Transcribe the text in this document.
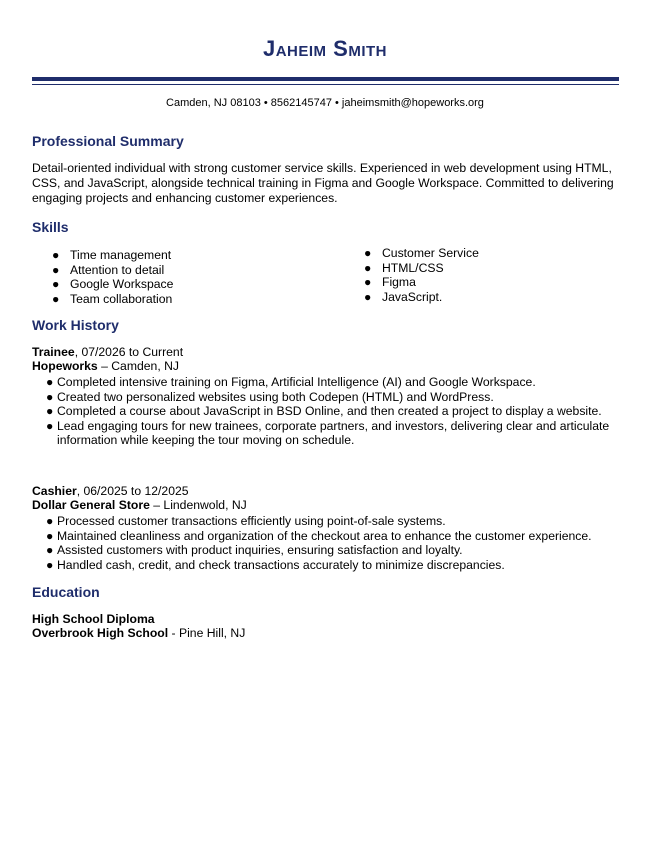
Jaheim Smith
Camden, NJ 08103 • 8562145747 • jaheimsmith@hopeworks.org
Professional Summary

Detail-oriented individual with strong customer service skills. Experienced in web development using HTML, CSS, and JavaScript, alongside technical training in Figma and Google Workspace. Committed to delivering engaging projects and enhancing customer experiences.

Skills
● Time management
● Attention to detail
● Google Workspace
● Team collaboration
● Customer Service
● HTML/CSS
● Figma
● JavaScript.
Work History
Trainee, 07/2026 to Current
Hopeworks – Camden, NJ
● Completed intensive training on Figma, Artificial Intelligence (AI) and Google Workspace.
● Created two personalized websites using both Codepen (HTML) and WordPress.
● Completed a course about JavaScript in BSD Online, and then created a project to display a website.
● Lead engaging tours for new trainees, corporate partners, and investors, delivering clear and articulate information while keeping the tour moving on schedule.
Cashier, 06/2025 to 12/2025
Dollar General Store – Lindenwold, NJ
● Processed customer transactions efficiently using point-of-sale systems.
● Maintained cleanliness and organization of the checkout area to enhance the customer experience.
● Assisted customers with product inquiries, ensuring satisfaction and loyalty.
● Handled cash, credit, and check transactions accurately to minimize discrepancies.
Education
High School Diploma
Overbrook High School - Pine Hill, NJ
